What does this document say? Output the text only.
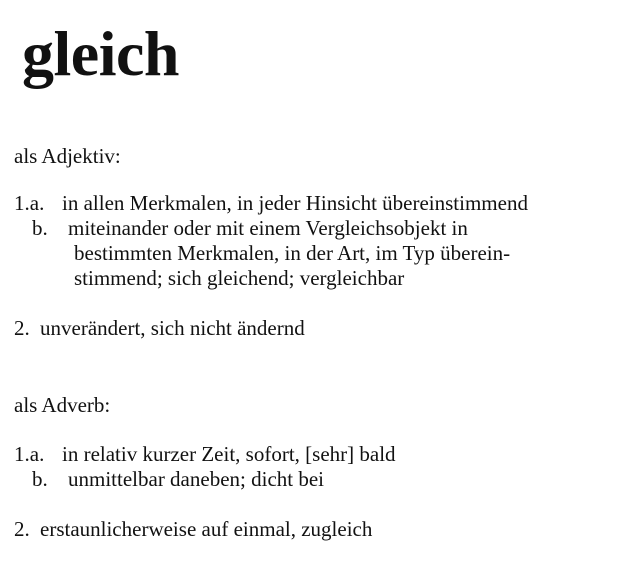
gleich
als Adjektiv:
1.a. in allen Merkmalen, in jeder Hinsicht übereinstimmend
b. miteinander oder mit einem Vergleichsobjekt in
bestimmten Merkmalen, in der Art, im Typ überein-
stimmend; sich gleichend; vergleichbar
2. unverändert, sich nicht ändernd
als Adverb:
1.a. in relativ kurzer Zeit, sofort, [sehr] bald
b. unmittelbar daneben; dicht bei
2. erstaunlicherweise auf einmal, zugleich
